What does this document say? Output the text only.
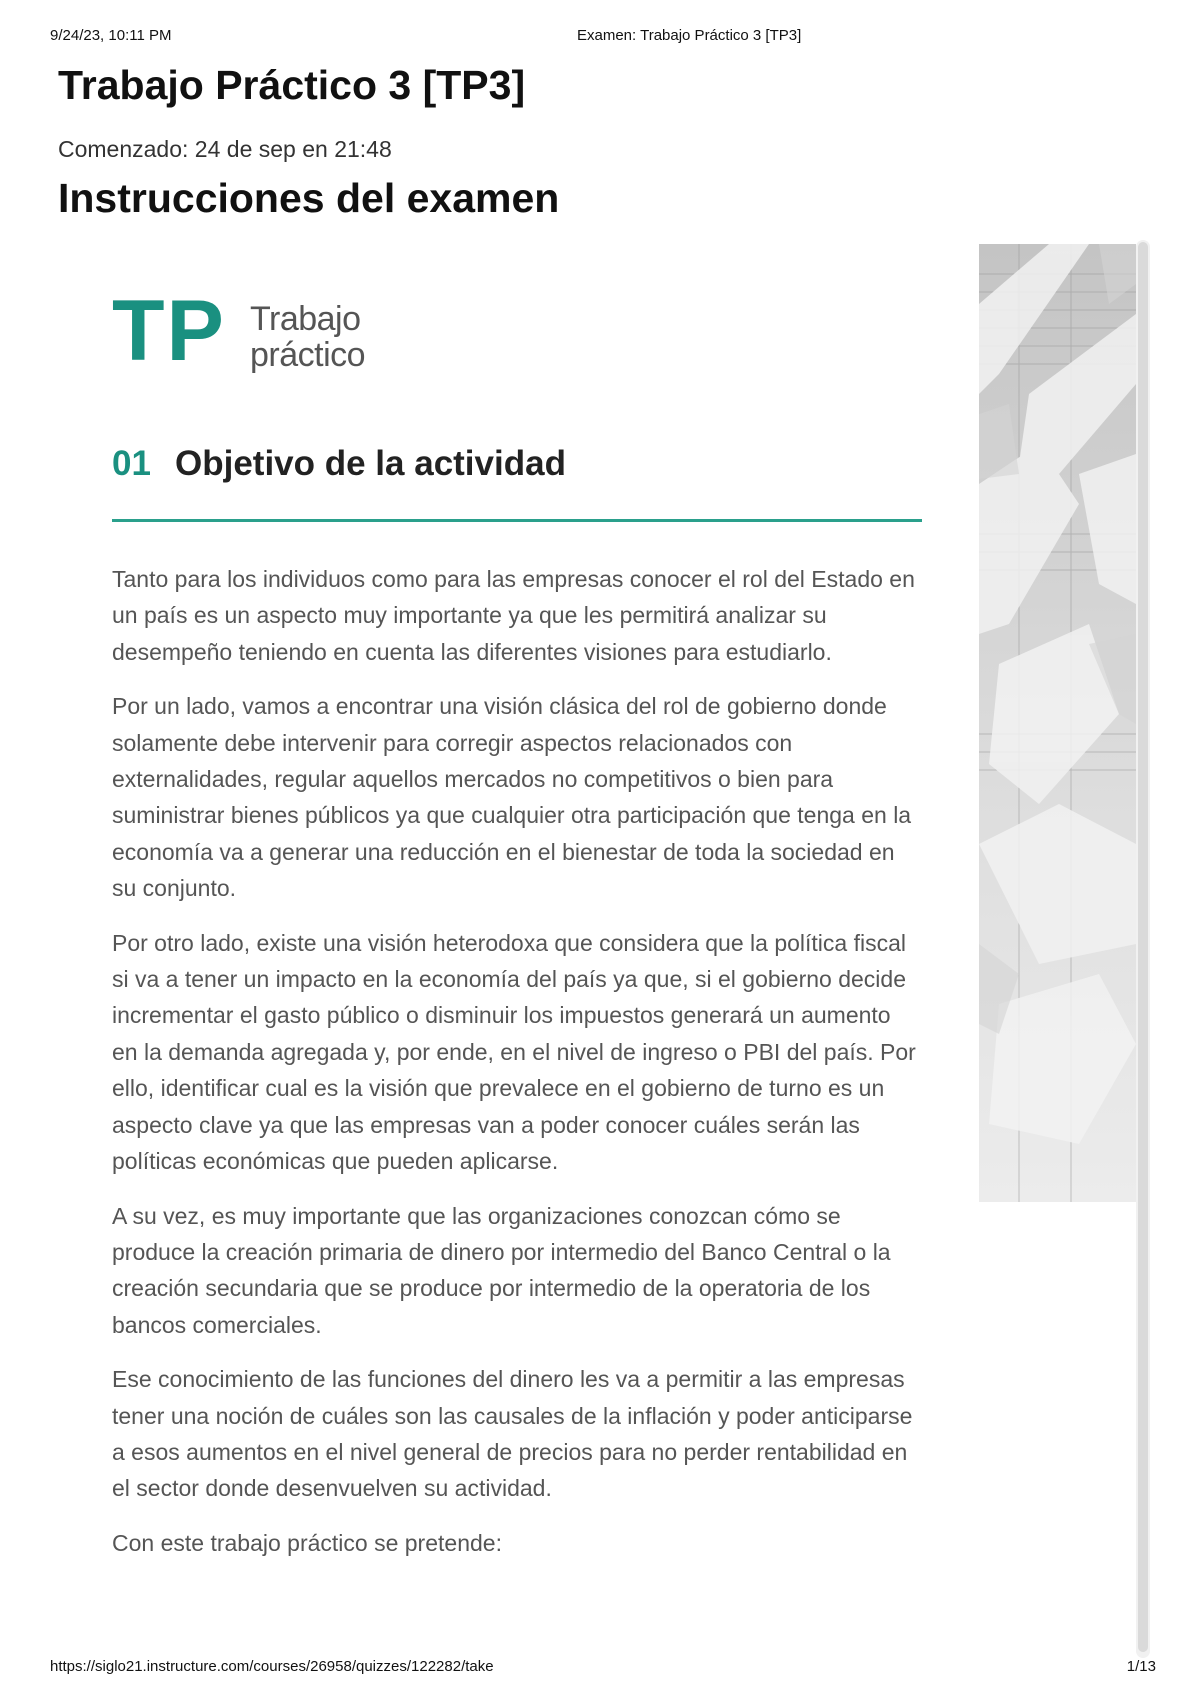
9/24/23, 10:11 PM	Examen: Trabajo Práctico 3 [TP3]
Trabajo Práctico 3 [TP3]
Comenzado: 24 de sep en 21:48
Instrucciones del examen
TP Trabajo
práctico
01 Objetivo de la actividad

Tanto para los individuos como para las empresas conocer el rol del Estado en un país es un aspecto muy importante ya que les permitirá analizar su desempeño teniendo en cuenta las diferentes visiones para estudiarlo.

Por un lado, vamos a encontrar una visión clásica del rol de gobierno donde solamente debe intervenir para corregir aspectos relacionados con externalidades, regular aquellos mercados no competitivos o bien para suministrar bienes públicos ya que cualquier otra participación que tenga en la economía va a generar una reducción en el bienestar de toda la sociedad en su conjunto.

Por otro lado, existe una visión heterodoxa que considera que la política fiscal si va a tener un impacto en la economía del país ya que, si el gobierno decide incrementar el gasto público o disminuir los impuestos generará un aumento en la demanda agregada y, por ende, en el nivel de ingreso o PBI del país. Por ello, identificar cual es la visión que prevalece en el gobierno de turno es un aspecto clave ya que las empresas van a poder conocer cuáles serán las políticas económicas que pueden aplicarse.

A su vez, es muy importante que las organizaciones conozcan cómo se produce la creación primaria de dinero por intermedio del Banco Central o la creación secundaria que se produce por intermedio de la operatoria de los bancos comerciales.

Ese conocimiento de las funciones del dinero les va a permitir a las empresas tener una noción de cuáles son las causales de la inflación y poder anticiparse a esos aumentos en el nivel general de precios para no perder rentabilidad en el sector donde desenvuelven su actividad.

Con este trabajo práctico se pretende:

https://siglo21.instructure.com/courses/26958/quizzes/122282/take	1/13
